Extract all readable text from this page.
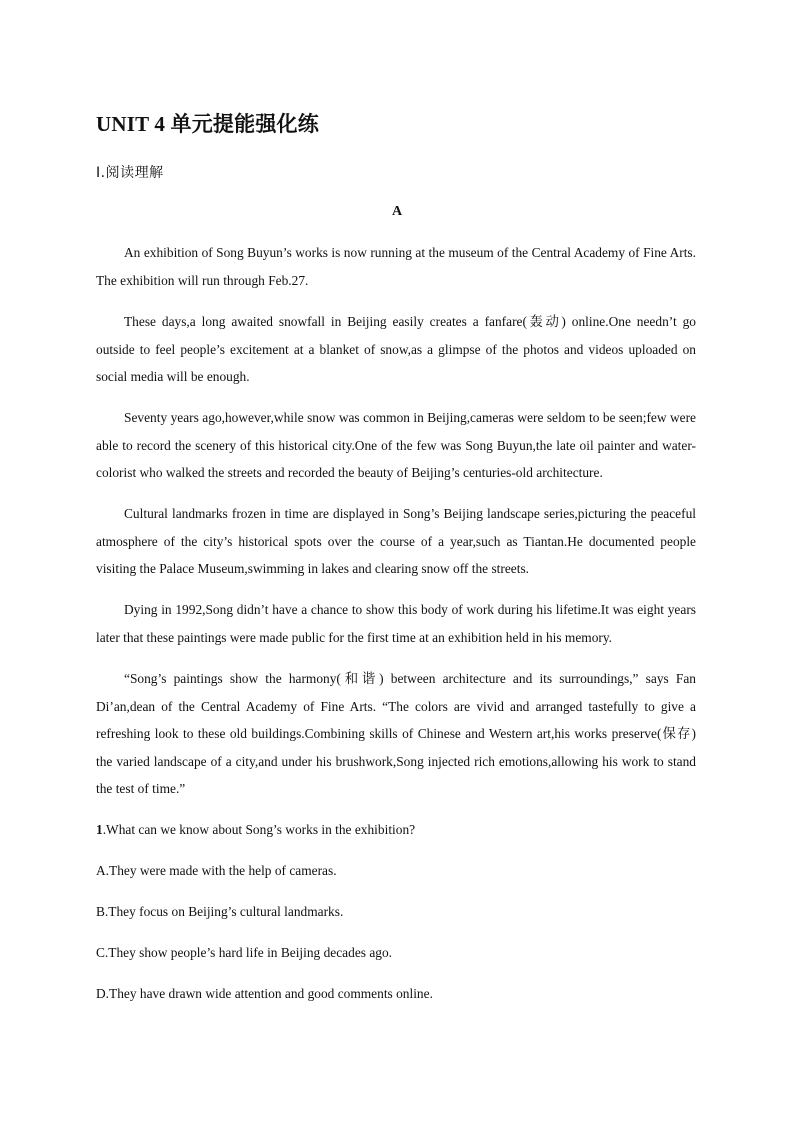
UNIT 4 单元提能强化练
Ⅰ.阅读理解
A

An exhibition of Song Buyun’s works is now running at the museum of the Central Academy of Fine Arts. The exhibition will run through Feb.27.

These days,a long awaited snowfall in Beijing easily creates a fanfare(轰动) online.One needn’t go outside to feel people’s excitement at a blanket of snow,as a glimpse of the photos and videos uploaded on social media will be enough.

Seventy years ago,however,while snow was common in Beijing,cameras were seldom to be seen;few were able to record the scenery of this historical city.One of the few was Song Buyun,the late oil painter and water-colorist who walked the streets and recorded the beauty of Beijing’s centuries-old architecture.

Cultural landmarks frozen in time are displayed in Song’s Beijing landscape series,picturing the peaceful atmosphere of the city’s historical spots over the course of a year,such as Tiantan.He documented people visiting the Palace Museum,swimming in lakes and clearing snow off the streets.

Dying in 1992,Song didn’t have a chance to show this body of work during his lifetime.It was eight years later that these paintings were made public for the first time at an exhibition held in his memory.

“Song’s paintings show the harmony(和谐) between architecture and its surroundings,” says Fan Di’an,dean of the Central Academy of Fine Arts. “The colors are vivid and arranged tastefully to give a refreshing look to these old buildings.Combining skills of Chinese and Western art,his works preserve(保存) the varied landscape of a city,and under his brushwork,Song injected rich emotions,allowing his work to stand the test of time.”

1.What can we know about Song’s works in the exhibition?
A.They were made with the help of cameras.
B.They focus on Beijing’s cultural landmarks.
C.They show people’s hard life in Beijing decades ago.
D.They have drawn wide attention and good comments online.
